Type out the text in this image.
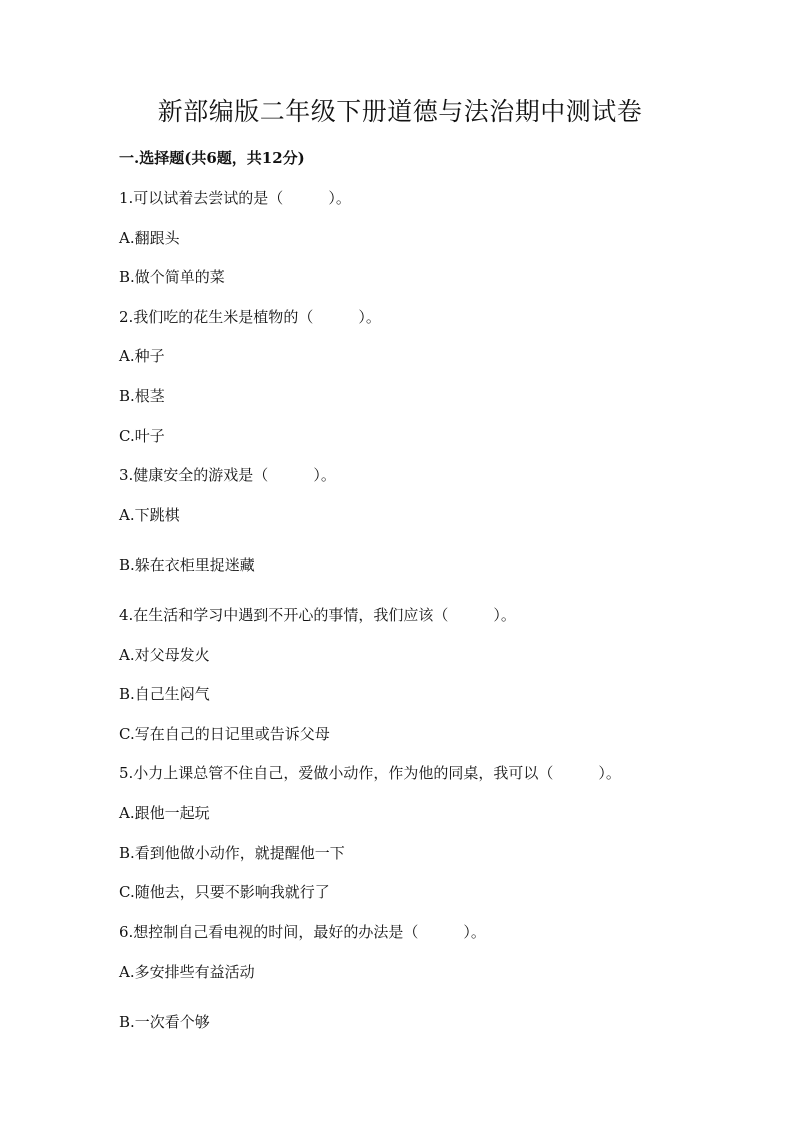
新部编版二年级下册道德与法治期中测试卷
一.选择题(共6题，共12分)
1.可以试着去尝试的是（　　　）。
A.翻跟头
B.做个简单的菜
2.我们吃的花生米是植物的（　　　）。
A.种子
B.根茎
C.叶子
3.健康安全的游戏是（　　　）。
A.下跳棋
B.躲在衣柜里捉迷藏
4.在生活和学习中遇到不开心的事情，我们应该（　　　）。
A.对父母发火
B.自己生闷气
C.写在自己的日记里或告诉父母
5.小力上课总管不住自己，爱做小动作，作为他的同桌，我可以（　　　）。
A.跟他一起玩
B.看到他做小动作，就提醒他一下
C.随他去，只要不影响我就行了
6.想控制自己看电视的时间，最好的办法是（　　　）。
A.多安排些有益活动
B.一次看个够
